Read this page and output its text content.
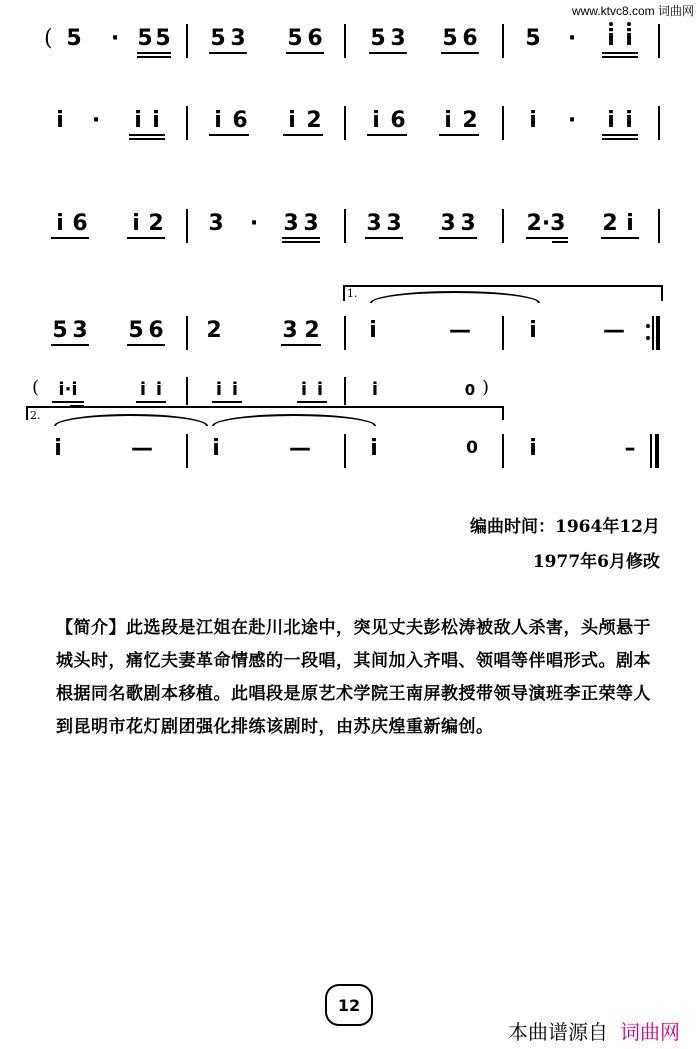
www.ktvc8.com 词曲网
( 5 · 5 5 5 3 5 6 5 3 5 6 5 · i i
i · i i i 6 i 2 i 6 i 2 i · i i
i 6 i 2 3 · 3 3 3 3 3 3 2·3 2 i
1.
5 3 5 6 2	3 2 i	—	i	—
( i·i	i i	i i	i i	i	0 )
2.
i	—	i	—	i	0 i	–
编曲时间：1964年12月
1977年6月修改
【简介】此选段是江姐在赴川北途中，突见丈夫彭松涛被敌人杀害，头颅悬于城头时，痛忆夫妻革命情感的一段唱，其间加入齐唱、领唱等伴唱形式。剧本根据同名歌剧本移植。此唱段是原艺术学院王南屏教授带领导演班李正荣等人到昆明市花灯剧团强化排练该剧时，由苏庆煌重新编创。
12
本曲谱源自 词曲网
